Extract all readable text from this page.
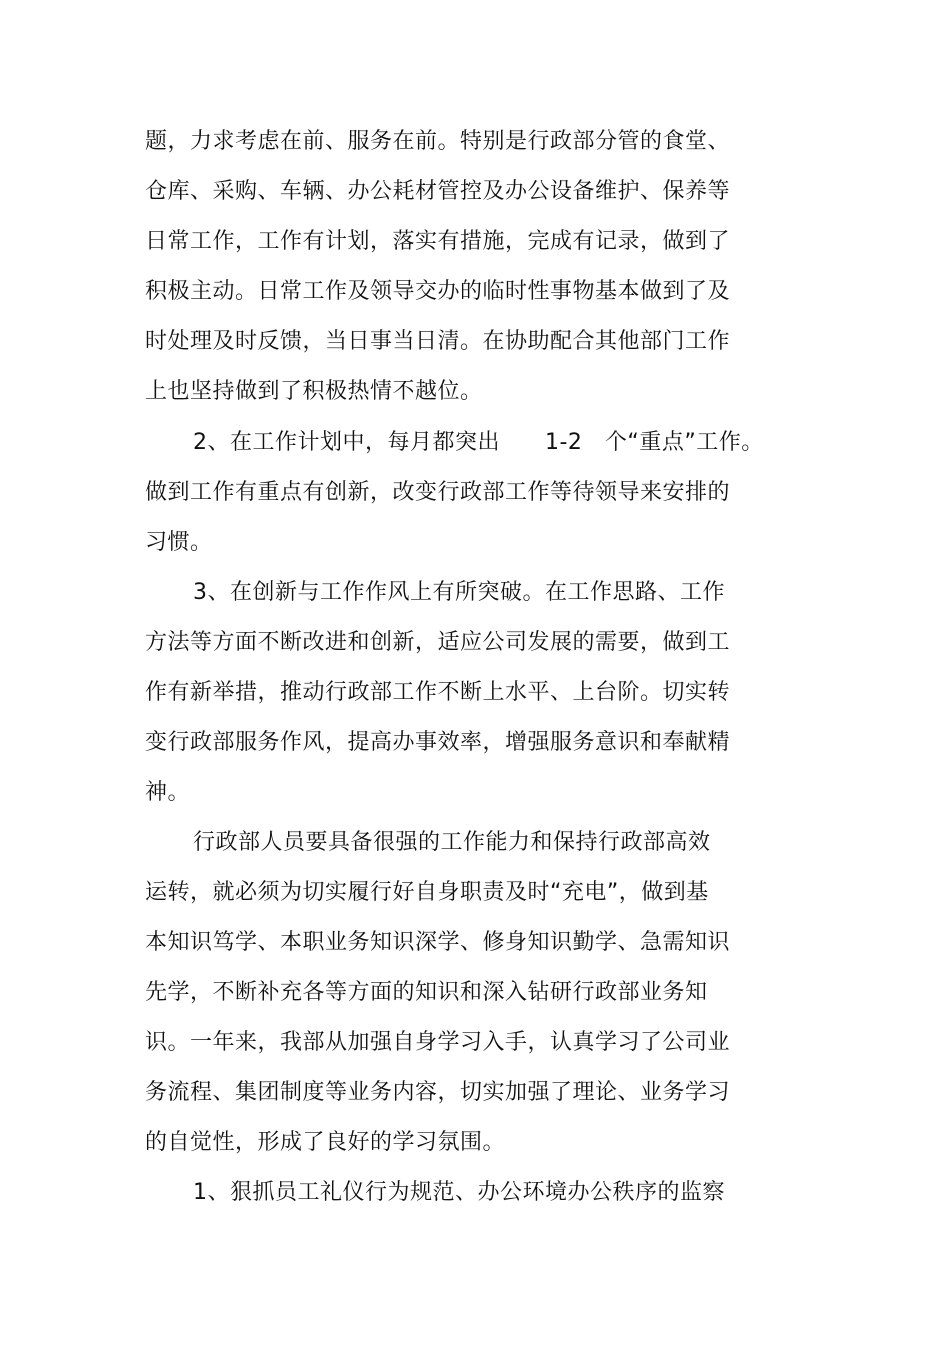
题，力求考虑在前、服务在前。特别是行政部分管的食堂、
仓库、采购、车辆、办公耗材管控及办公设备维护、保养等
日常工作，工作有计划，落实有措施，完成有记录，做到了
积极主动。日常工作及领导交办的临时性事物基本做到了及
时处理及时反馈，当日事当日清。在协助配合其他部门工作
上也坚持做到了积极热情不越位。
2、在工作计划中，每月都突出　　1-2　个“重点”工作。
做到工作有重点有创新，改变行政部工作等待领导来安排的
习惯。
3、在创新与工作作风上有所突破。在工作思路、工作
方法等方面不断改进和创新，适应公司发展的需要，做到工
作有新举措，推动行政部工作不断上水平、上台阶。切实转
变行政部服务作风，提高办事效率，增强服务意识和奉献精
神。
行政部人员要具备很强的工作能力和保持行政部高效
运转，就必须为切实履行好自身职责及时“充电”，做到基
本知识笃学、本职业务知识深学、修身知识勤学、急需知识
先学，不断补充各等方面的知识和深入钻研行政部业务知
识。一年来，我部从加强自身学习入手，认真学习了公司业
务流程、集团制度等业务内容，切实加强了理论、业务学习
的自觉性，形成了良好的学习氛围。
1、狠抓员工礼仪行为规范、办公环境办公秩序的监察
